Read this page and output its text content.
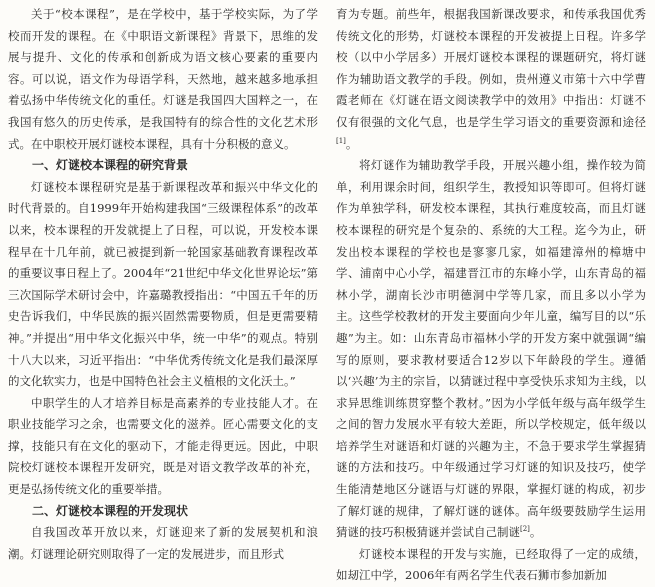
关于“校本课程”，是在学校中，基于学校实际，为了学校而开发的课程。在《中职语文新课程》背景下，思维的发展与提升、文化的传承和创新成为语文核心要素的重要内容。可以说，语文作为母语学科，天然地，越来越多地承担着弘扬中华传统文化的重任。灯谜是我国四大国粹之一，在我国有悠久的历史传承，是我国特有的综合性的文化艺术形式。在中职校开展灯谜校本课程，具有十分积极的意义。

一、灯谜校本课程的研究背景

灯谜校本课程研究是基于新课程改革和振兴中华文化的时代背景的。自1999年开始构建我国“三级课程体系”的改革以来，校本课程的开发就提上了日程，可以说，开发校本课程早在十几年前，就已被提到新一轮国家基础教育课程改革的重要议事日程上了。2004年“21世纪中华文化世界论坛”第三次国际学术研讨会中，许嘉璐教授指出：“中国五千年的历史告诉我们，中华民族的振兴固然需要物质，但是更需要精神。”并提出“用中华文化振兴中华，统一中华”的观点。特别十八大以来，习近平指出：“中华优秀传统文化是我们最深厚的文化软实力，也是中国特色社会主义植根的文化沃土。”

中职学生的人才培养目标是高素养的专业技能人才。在职业技能学习之余，也需要文化的滋养。匠心需要文化的支撑，技能只有在文化的驱动下，才能走得更远。因此，中职院校灯谜校本课程开发研究，既是对语文教学改革的补充，更是弘扬传统文化的重要举措。

二、灯谜校本课程的开发现状

自我国改革开放以来，灯谜迎来了新的发展契机和浪潮。灯谜理论研究则取得了一定的发展进步，而且形式

育为专题。前些年，根据我国新课改要求，和传承我国优秀传统文化的形势，灯谜校本课程的开发被提上日程。许多学校（以中小学居多）开展灯谜校本课程的课题研究，将灯谜作为辅助语文教学的手段。例如，贵州遵义市第十六中学曹霞老师在《灯谜在语文阅读教学中的效用》中指出：灯谜不仅有很强的文化气息，也是学生学习语文的重要资源和途径[1]。

将灯谜作为辅助教学手段，开展兴趣小组，操作较为简单，利用课余时间，组织学生，教授知识等即可。但将灯谜作为单独学科，研发校本课程，其执行难度较高，而且灯谜校本课程的研究是个复杂的、系统的大工程。迄今为止，研发出校本课程的学校也是寥寥几家，如福建漳州的樟塘中学、浦南中心小学，福建晋江市的东峰小学，山东青岛的福林小学，湖南长沙市明德洞中学等几家，而且多以小学为主。这些学校教材的开发主要面向少年儿童，编写目的以“乐趣”为主。如：山东青岛市福林小学的开发方案中就强调“编写的原则，要求教材要适合12岁以下年龄段的学生。遵循以‘兴趣’为主的宗旨，以猜谜过程中享受快乐求知为主线，以求异思维训练贯穿整个教材。”因为小学低年级与高年级学生之间的智力发展水平有较大差距，所以学校规定，低年级以培养学生对谜语和灯谜的兴趣为主，不急于要求学生掌握猜谜的方法和技巧。中年级通过学习灯谜的知识及技巧，使学生能清楚地区分谜语与灯谜的界限，掌握灯谜的构成，初步了解灯谜的规律，了解灯谜的谜体。高年级要鼓励学生运用猜谜的技巧积极猜谜并尝试自己制谜[2]。

灯谜校本课程的开发与实施，已经取得了一定的成绩，如刼江中学，2006年有两名学生代表石狮市参加新加
